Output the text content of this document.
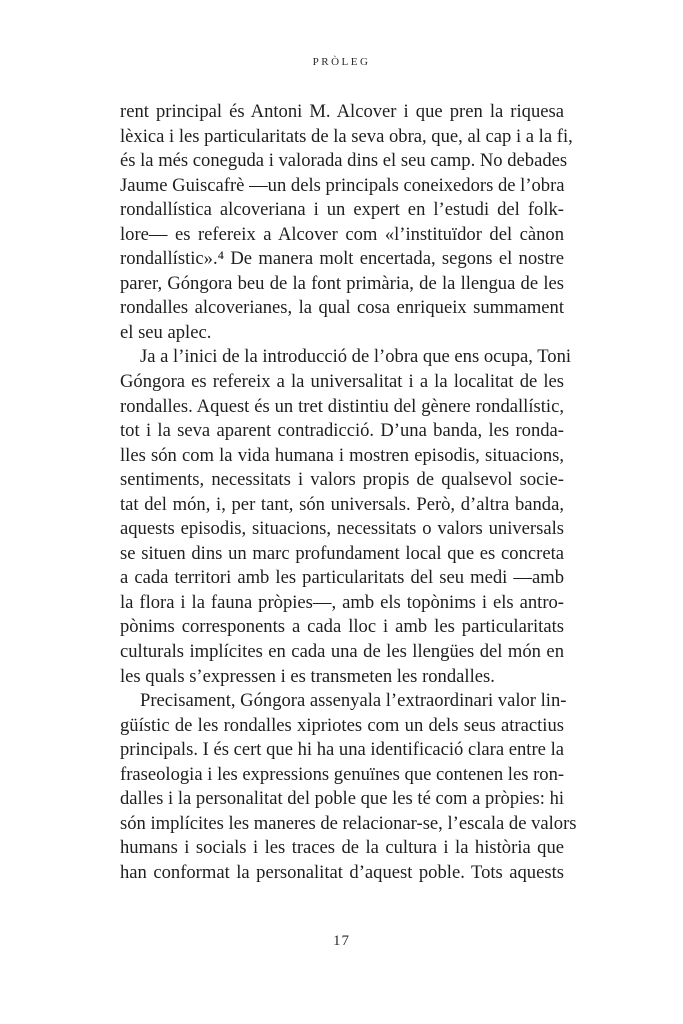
PRÒLEG

rent principal és Antoni M. Alcover i que pren la riquesa
lèxica i les particularitats de la seva obra, que, al cap i a la fi,
és la més coneguda i valorada dins el seu camp. No debades
Jaume Guiscafrè —un dels principals coneixedors de l’obra
rondallística alcoveriana i un expert en l’estudi del folk-
lore— es refereix a Alcover com «l’instituïdor del cànon
rondallístic».⁴ De manera molt encertada, segons el nostre
parer, Góngora beu de la font primària, de la llengua de les
rondalles alcoverianes, la qual cosa enriqueix summament
el seu aplec.

Ja a l’inici de la introducció de l’obra que ens ocupa, Toni
Góngora es refereix a la universalitat i a la localitat de les
rondalles. Aquest és un tret distintiu del gènere rondallístic,
tot i la seva aparent contradicció. D’una banda, les ronda-
lles són com la vida humana i mostren episodis, situacions,
sentiments, necessitats i valors propis de qualsevol socie-
tat del món, i, per tant, són universals. Però, d’altra banda,
aquests episodis, situacions, necessitats o valors universals
se situen dins un marc profundament local que es concreta
a cada territori amb les particularitats del seu medi —amb
la flora i la fauna pròpies—, amb els topònims i els antro-
pònims corresponents a cada lloc i amb les particularitats
culturals implícites en cada una de les llengües del món en
les quals s’expressen i es transmeten les rondalles.

Precisament, Góngora assenyala l’extraordinari valor lin-
güístic de les rondalles xipriotes com un dels seus atractius
principals. I és cert que hi ha una identificació clara entre la
fraseologia i les expressions genuïnes que contenen les ron-
dalles i la personalitat del poble que les té com a pròpies: hi
són implícites les maneres de relacionar-se, l’escala de valors
humans i socials i les traces de la cultura i la història que
han conformat la personalitat d’aquest poble. Tots aquests

17
